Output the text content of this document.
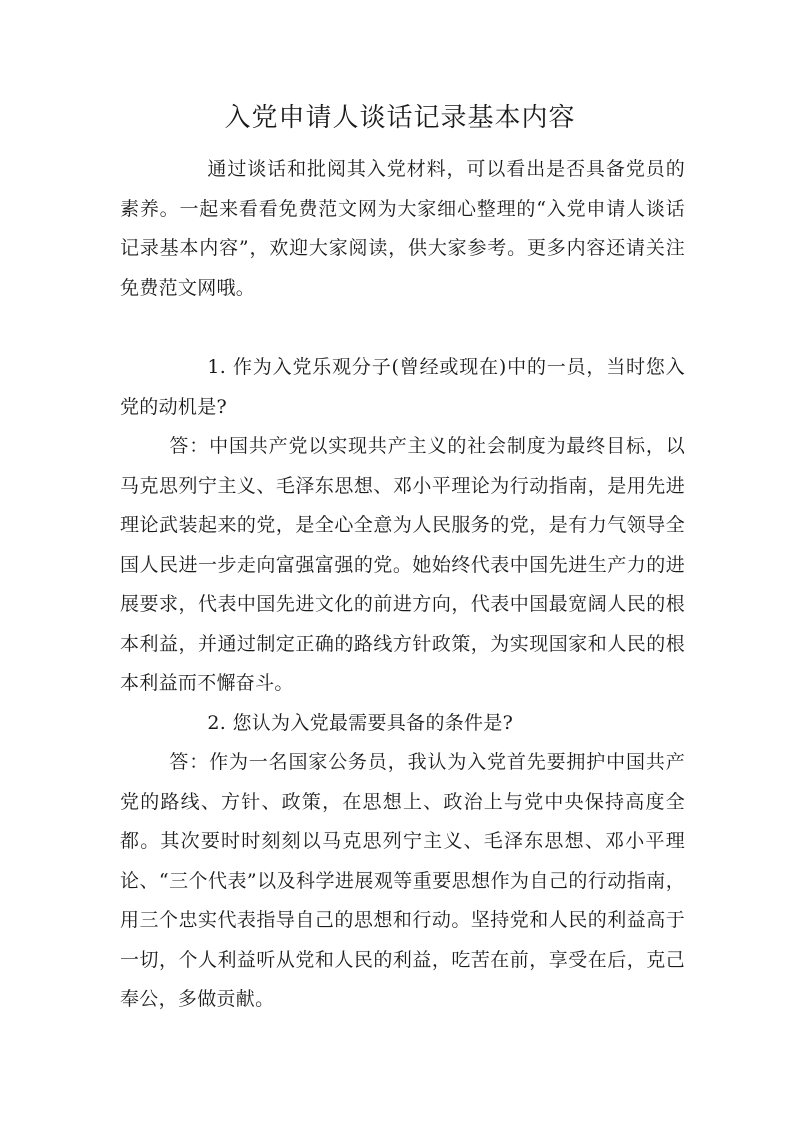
入党申请人谈话记录基本内容

通过谈话和批阅其入党材料，可以看出是否具备党员的素养。一起来看看免费范文网为大家细心整理的“入党申请人谈话记录基本内容”，欢迎大家阅读，供大家参考。更多内容还请关注免费范文网哦。

1. 作为入党乐观分子(曾经或现在)中的一员，当时您入党的动机是?

答：中国共产党以实现共产主义的社会制度为最终目标，以马克思列宁主义、毛泽东思想、邓小平理论为行动指南，是用先进理论武装起来的党，是全心全意为人民服务的党，是有力气领导全国人民进一步走向富强富强的党。她始终代表中国先进生产力的进展要求，代表中国先进文化的前进方向，代表中国最宽阔人民的根本利益，并通过制定正确的路线方针政策，为实现国家和人民的根本利益而不懈奋斗。

2. 您认为入党最需要具备的条件是?

答：作为一名国家公务员，我认为入党首先要拥护中国共产党的路线、方针、政策，在思想上、政治上与党中央保持高度全都。其次要时时刻刻以马克思列宁主义、毛泽东思想、邓小平理论、“三个代表”以及科学进展观等重要思想作为自己的行动指南，用三个忠实代表指导自己的思想和行动。坚持党和人民的利益高于一切，个人利益听从党和人民的利益，吃苦在前，享受在后，克己奉公，多做贡献。
